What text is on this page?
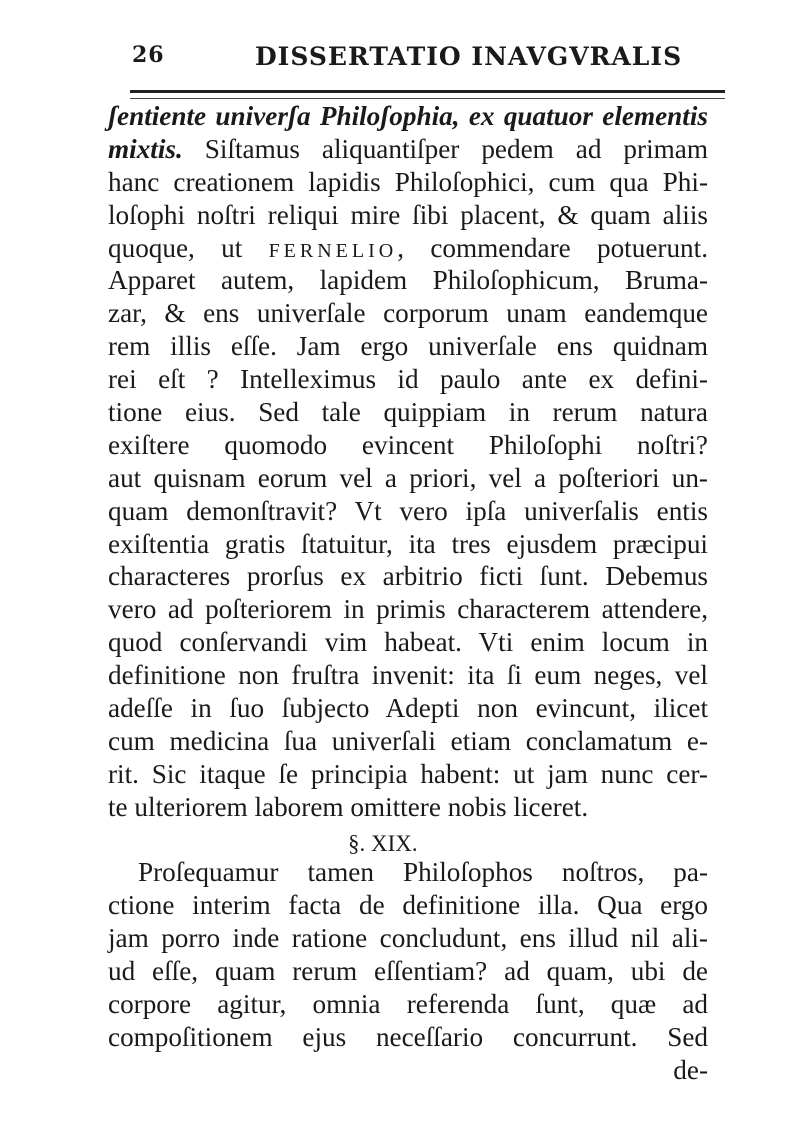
26	DISSERTATIO INAVGVRALIS
ʃentiente univerʃa Philoʃophia, ex quatuor elementis
mixtis. Siſtamus aliquantiſper pedem ad primam
hanc creationem lapidis Philoſophici, cum qua Phi-
loſophi noſtri reliqui mire ſibi placent, & quam aliis
quoque, ut FERNELIO, commendare potuerunt.
Apparet autem, lapidem Philoſophicum, Bruma-
zar, & ens univerſale corporum unam eandemque
rem illis eſſe. Jam ergo univerſale ens quidnam
rei eſt ? Intelleximus id paulo ante ex defini-
tione eius. Sed tale quippiam in rerum natura
exiſtere quomodo evincent Philoſophi noſtri?
aut quisnam eorum vel a priori, vel a poſteriori un-
quam demonſtravit? Vt vero ipſa univerſalis entis
exiſtentia gratis ſtatuitur, ita tres ejusdem præcipui
characteres prorſus ex arbitrio ficti ſunt. Debemus
vero ad poſteriorem in primis characterem attendere,
quod conſervandi vim habeat. Vti enim locum in
definitione non fruſtra invenit: ita ſi eum neges, vel
adeſſe in ſuo ſubjecto Adepti non evincunt, ilicet
cum medicina ſua univerſali etiam conclamatum e-
rit. Sic itaque ſe principia habent: ut jam nunc cer-
te ulteriorem laborem omittere nobis liceret.
§. XIX.
Proſequamur tamen Philoſophos noſtros, pa-
ctione interim facta de definitione illa. Qua ergo
jam porro inde ratione concludunt, ens illud nil ali-
ud eſſe, quam rerum eſſentiam? ad quam, ubi de
corpore agitur, omnia referenda ſunt, quæ ad
compoſitionem ejus neceſſario concurrunt. Sed
de-
